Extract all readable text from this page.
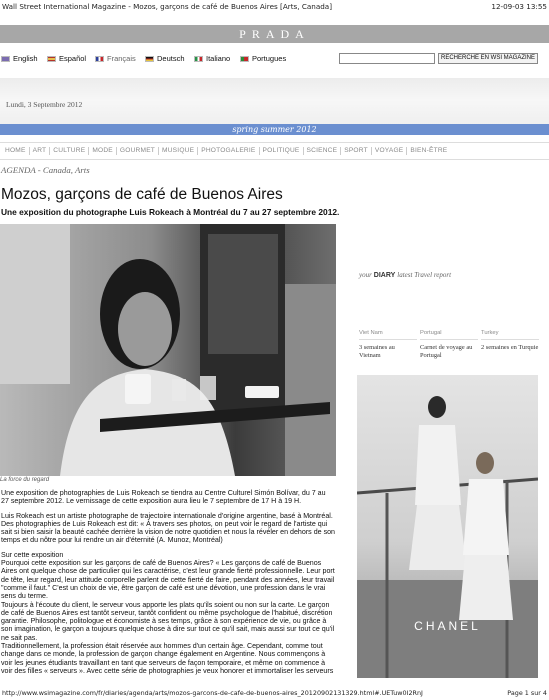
Wall Street International Magazine - Mozos, garçons de café de Buenos Aires [Arts, Canada]	12-09-03 13:55
PRADA
English	Español	Français	Deutsch	Italiano	Portugues	RECHERCHE EN WSI MAGAZINE
Lundi, 3 Septembre 2012
spring summer 2012
HOME	ART	CULTURE	MODE	GOURMET	MUSIQUE	PHOTOGALERIE	POLITIQUE	SCIENCE	SPORT	VOYAGE	BIEN-ÊTRE
AGENDA - Canada, Arts
Mozos, garçons de café de Buenos Aires
Une exposition du photographe Luis Rokeach à Montréal du 7 au 27 septembre 2012.
La force du regard

Une exposition de photographies de Luis Rokeach se tiendra au Centre Culturel Simón Bolívar, du 7 au 27 septembre 2012. Le vernissage de cette exposition aura lieu le 7 septembre de 17 H à 19 H.

Luis Rokeach est un artiste photographe de trajectoire internationale d'origine argentine, basé à Montréal. Des photographies de Luis Rokeach est dit: « À travers ses photos, on peut voir le regard de l'artiste qui sait si bien saisir la beauté cachée derrière la vision de notre quotidien et nous la révéler en dehors de son temps et du nôtre pour lui rendre un air d'éternité (A. Munoz, Montréal)

Sur cette exposition

Pourquoi cette exposition sur les garçons de café de Buenos Aires? « Les garçons de café de Buenos Aires ont quelque chose de particulier qui les caractérise, c'est leur grande fierté professionnelle. Leur port de tête, leur regard, leur attitude corporelle parlent de cette fierté de faire, pendant des années, leur travail "comme il faut." C'est un choix de vie, être garçon de café est une dévotion, une profession dans le vrai sens du terme.

Toujours à l'écoute du client, le serveur vous apporte les plats qu'ils soient ou non sur la carte. Le garçon de café de Buenos Aires est tantôt serveur, tantôt confident ou même psychologue de l'habitué, discrétion garantie. Philosophe, politologue et économiste à ses temps, grâce à son expérience de vie, ou grâce à son imagination, le garçon a toujours quelque chose à dire sur tout ce qu'il sait, mais aussi sur tout ce qu'il ne sait pas.

Traditionnellement, la profession était réservée aux hommes d'un certain âge. Cependant, comme tout change dans ce monde, la profession de garçon change également en Argentine. Nous commençons à voir les jeunes étudiants travaillant en tant que serveurs de façon temporaire, et même on commence à voir des filles « serveurs ». Avec cette série de photographies je veux honorer et immortaliser les serveurs

your DIARY latest Travel report
Viet Nam
3 semaines au Vietnam
Portugal
Carnet de voyage au Portugal
Turkey
2 semaines en Turquie
CHANEL
http://www.wsimagazine.com/fr/diaries/agenda/arts/mozos-garcons-de-cafe-de-buenos-aires_20120902131329.html#.UETuw0I2RnJ	Page 1 sur 4
